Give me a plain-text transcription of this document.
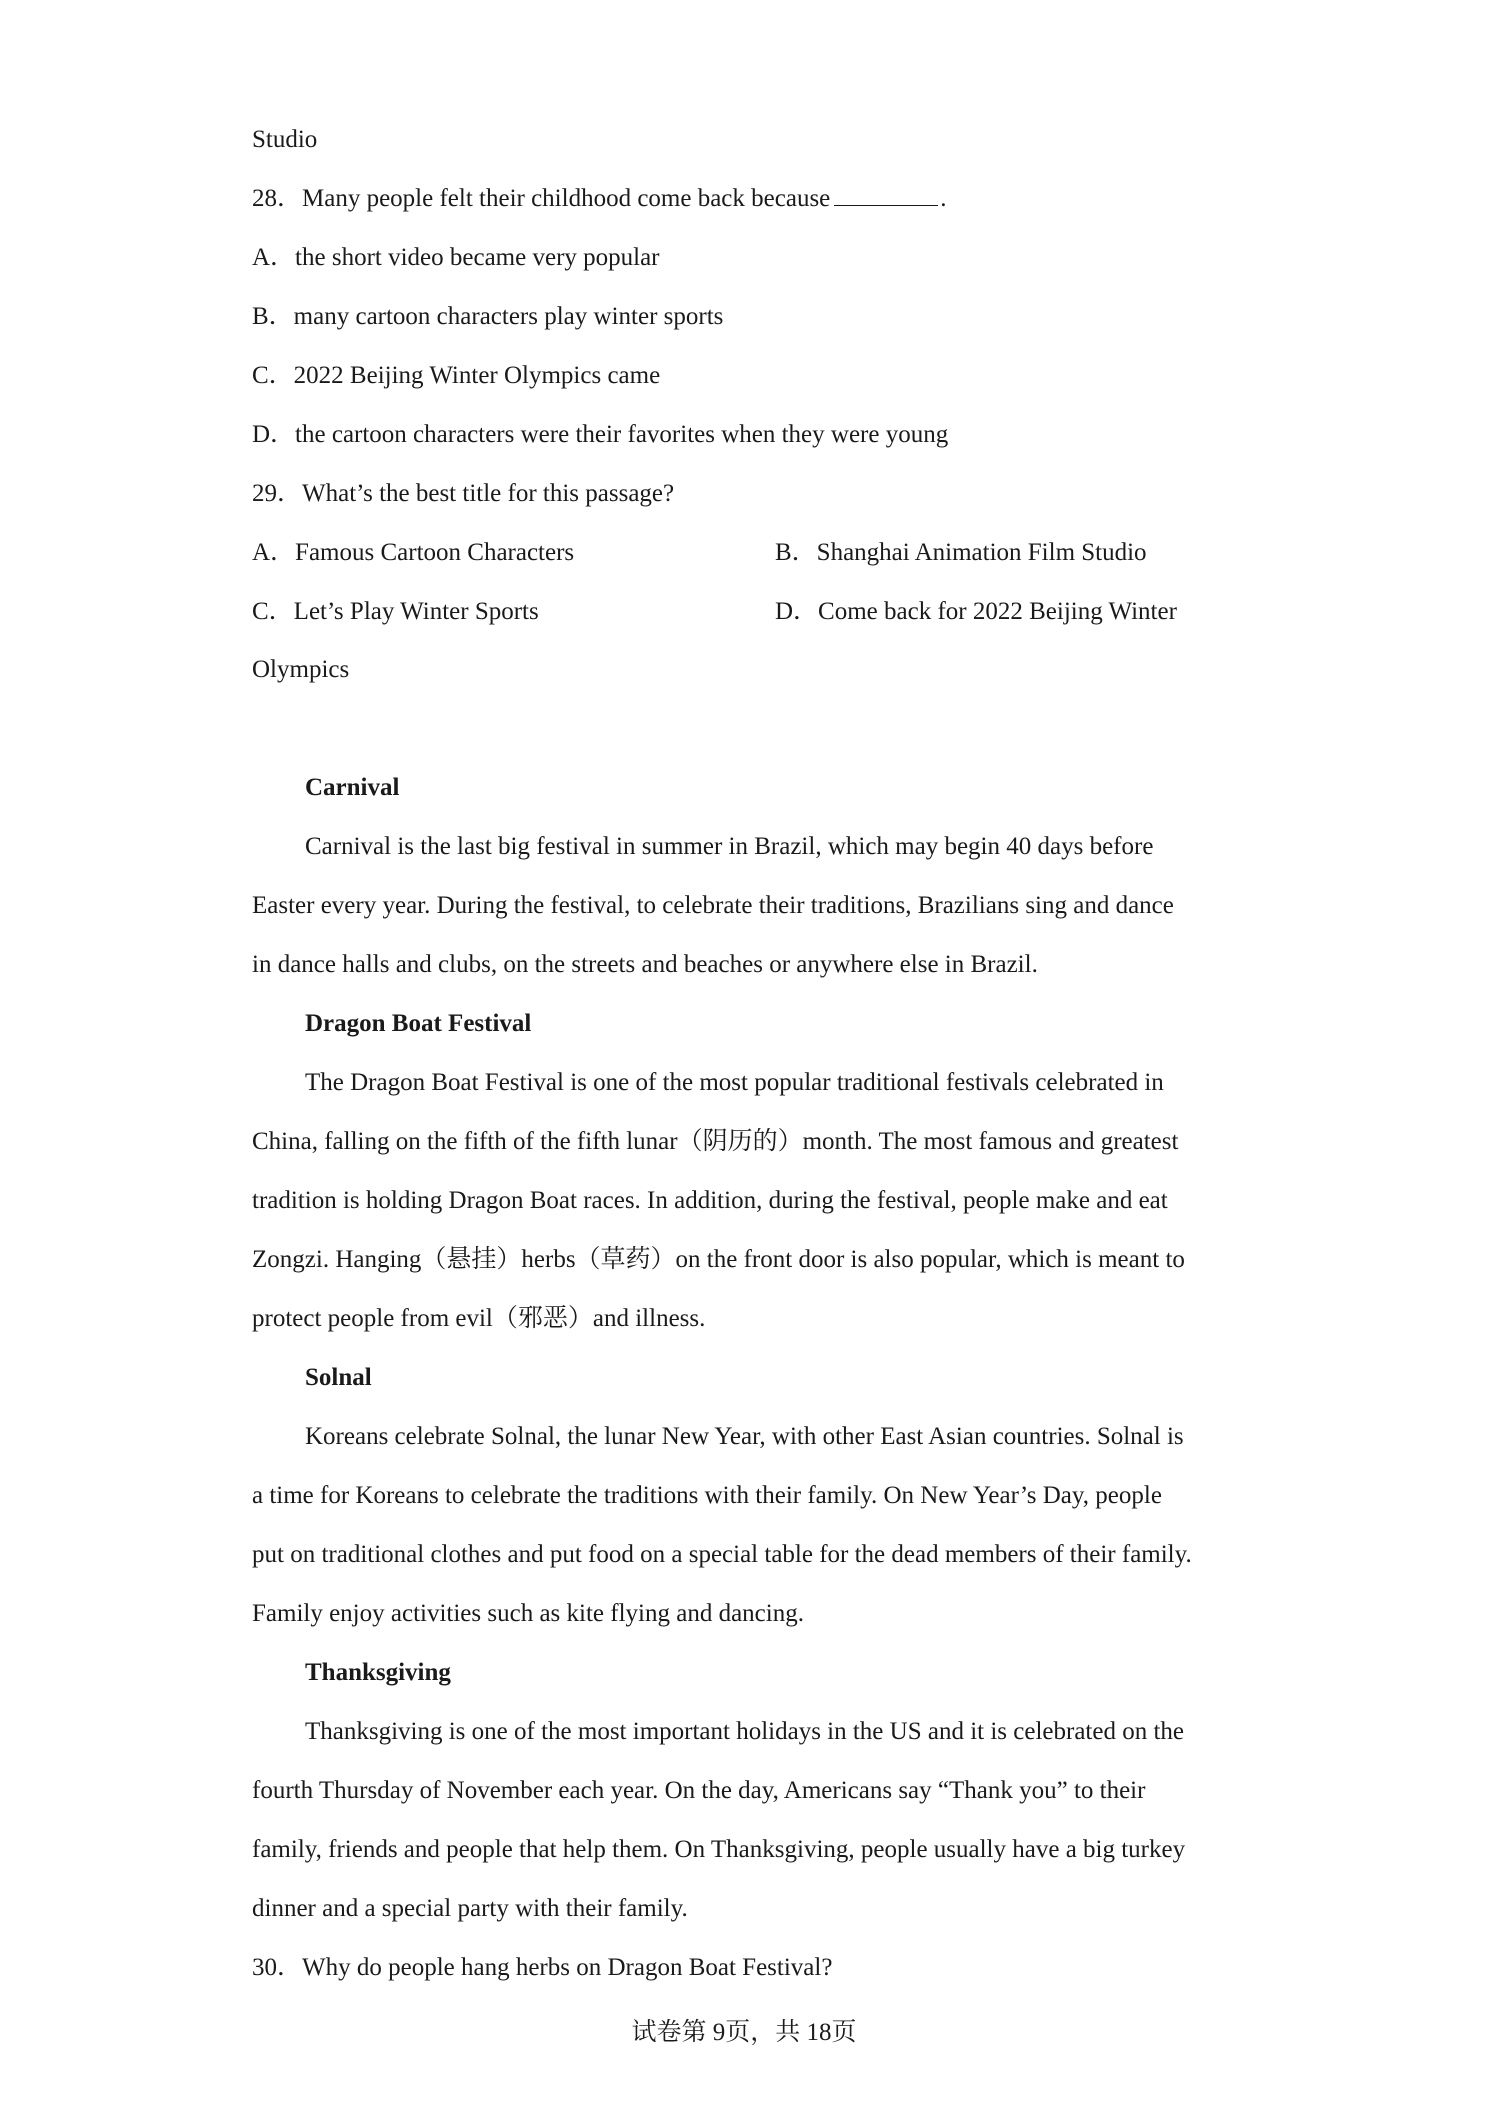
Studio
28．Many people felt their childhood come back because	.
A．the short video became very popular
B．many cartoon characters play winter sports
C．2022 Beijing Winter Olympics came
D．the cartoon characters were their favorites when they were young
29．What’s the best title for this passage?
A．Famous Cartoon Characters	B．Shanghai Animation Film Studio
C．Let’s Play Winter Sports	D．Come back for 2022 Beijing Winter
Olympics
Carnival
Carnival is the last big festival in summer in Brazil, which may begin 40 days before
Easter every year. During the festival, to celebrate their traditions, Brazilians sing and dance
in dance halls and clubs, on the streets and beaches or anywhere else in Brazil.
Dragon Boat Festival
The Dragon Boat Festival is one of the most popular traditional festivals celebrated in
China, falling on the fifth of the fifth lunar（阴历的）month. The most famous and greatest
tradition is holding Dragon Boat races. In addition, during the festival, people make and eat
Zongzi. Hanging（悬挂）herbs（草药）on the front door is also popular, which is meant to
protect people from evil（邪恶）and illness.
Solnal
Koreans celebrate Solnal, the lunar New Year, with other East Asian countries. Solnal is
a time for Koreans to celebrate the traditions with their family. On New Year’s Day, people
put on traditional clothes and put food on a special table for the dead members of their family.
Family enjoy activities such as kite flying and dancing.
Thanksgiving
Thanksgiving is one of the most important holidays in the US and it is celebrated on the
fourth Thursday of November each year. On the day, Americans say “Thank you” to their
family, friends and people that help them. On Thanksgiving, people usually have a big turkey
dinner and a special party with their family.
30．Why do people hang herbs on Dragon Boat Festival?
试卷第 9页，共 18页
